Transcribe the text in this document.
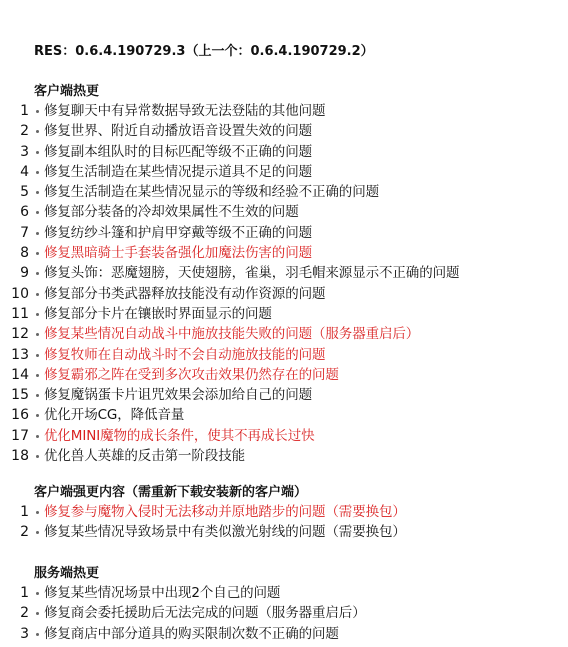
RES：0.6.4.190729.3（上一个：0.6.4.190729.2）
客户端热更
1 修复聊天中有异常数据导致无法登陆的其他问题
2 修复世界、附近自动播放语音设置失效的问题
3 修复副本组队时的目标匹配等级不正确的问题
4 修复生活制造在某些情况提示道具不足的问题
5 修复生活制造在某些情况显示的等级和经验不正确的问题
6 修复部分装备的冷却效果属性不生效的问题
7 修复纺纱斗篷和护肩甲穿戴等级不正确的问题
8 修复黑暗骑士手套装备强化加魔法伤害的问题
9 修复头饰：恶魔翅膀，天使翅膀，雀巢，羽毛帽来源显示不正确的问题
10 修复部分书类武器释放技能没有动作资源的问题
11 修复部分卡片在镶嵌时界面显示的问题
12 修复某些情况自动战斗中施放技能失败的问题（服务器重启后）
13 修复牧师在自动战斗时不会自动施放技能的问题
14 修复霸邪之阵在受到多次攻击效果仍然存在的问题
15 修复魔锅蛋卡片诅咒效果会添加给自己的问题
16 优化开场CG，降低音量
17 优化MINI魔物的成长条件，使其不再成长过快
18 优化兽人英雄的反击第一阶段技能
客户端强更内容（需重新下载安装新的客户端）
1 修复参与魔物入侵时无法移动并原地踏步的问题（需要换包）
2 修复某些情况导致场景中有类似激光射线的问题（需要换包）
服务端热更
1 修复某些情况场景中出现2个自己的问题
2 修复商会委托援助后无法完成的问题（服务器重启后）
3 修复商店中部分道具的购买限制次数不正确的问题
